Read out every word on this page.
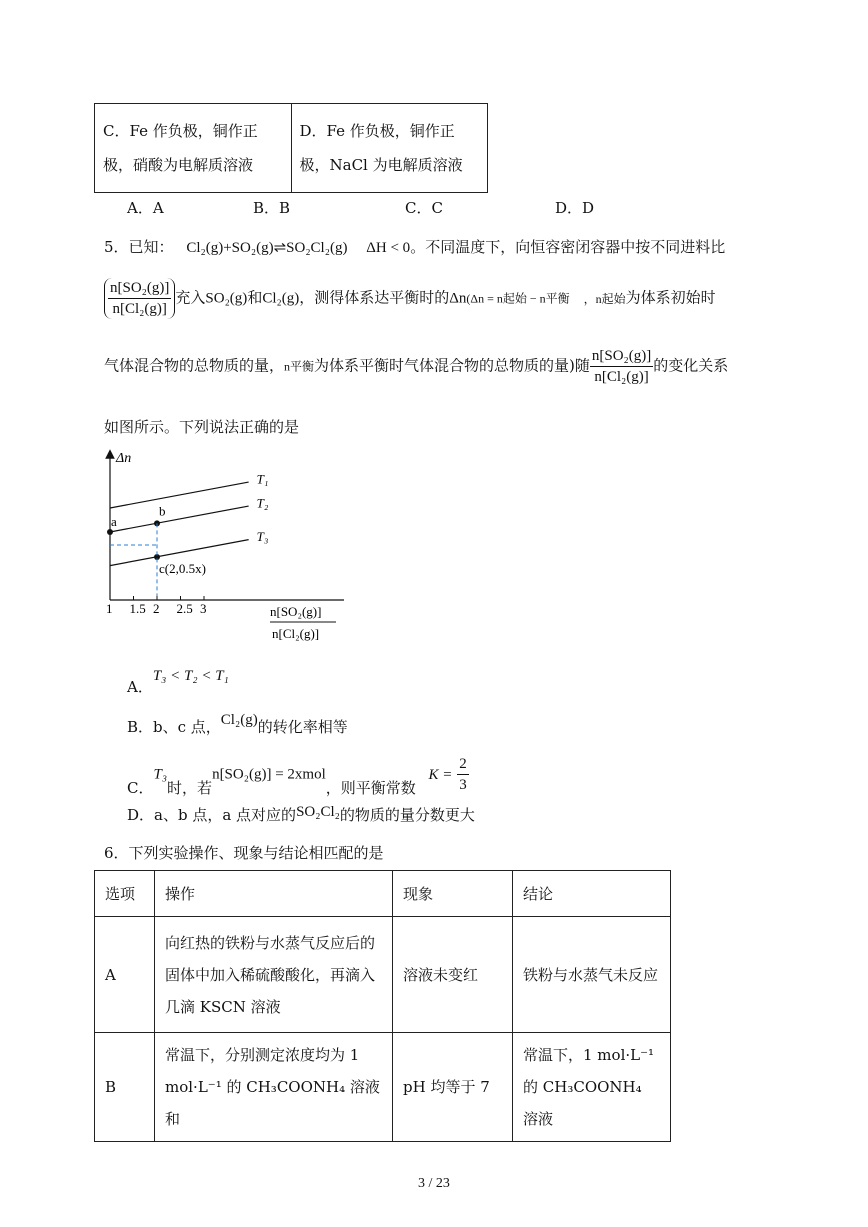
C．Fe 作负极，铜作正极，硝酸为电解质溶液	D．Fe 作负极，铜作正极，NaCl 为电解质溶液
A．A	B．B	C．C	D．D
5．已知： Cl₂(g)+SO₂(g)⇌SO₂Cl₂(g) ΔH < 0。不同温度下，向恒容密闭容器中按不同进料比
$\frac{\text{n[SO₂(g)]}}{\text{n[Cl₂(g)]}}$ 充入SO₂(g)和Cl₂(g)，测得体系达平衡时的Δn(Δn = n起始 − n平衡 ，n起始为体系初始时
气体混合物的总物质的量，n平衡为体系平衡时气体混合物的总物质的量)随 $\frac{\text{n[SO₂(g)]}}{\text{n[Cl₂(g)]}}$ 的变化关系
如图所示。下列说法正确的是
Δn
T₁
T₂
T₃
a
b
c(2,0.5x)
1 1.5 2 2.5 3	n[SO₂(g)]
n[Cl₂(g)]
A．T₃ < T₂ < T₁
B．b、c 点，Cl₂(g)的转化率相等
C．T₃时，若n[SO₂(g)] = 2xmol，则平衡常数 $K = \frac{2}{3}$
D．a、b 点，a 点对应的SO₂Cl₂的物质的量分数更大
6．下列实验操作、现象与结论相匹配的是
选项	操作	现象	结论
A	向红热的铁粉与水蒸气反应后的固体中加入稀硫酸酸化，再滴入几滴 KSCN 溶液	溶液未变红	铁粉与水蒸气未反应
B	常温下，分别测定浓度均为 1 mol·L⁻¹ 的 CH₃COONH₄ 溶液和	pH 均等于 7	常温下，1 mol·L⁻¹ 的 CH₃COONH₄ 溶液
3 / 23
